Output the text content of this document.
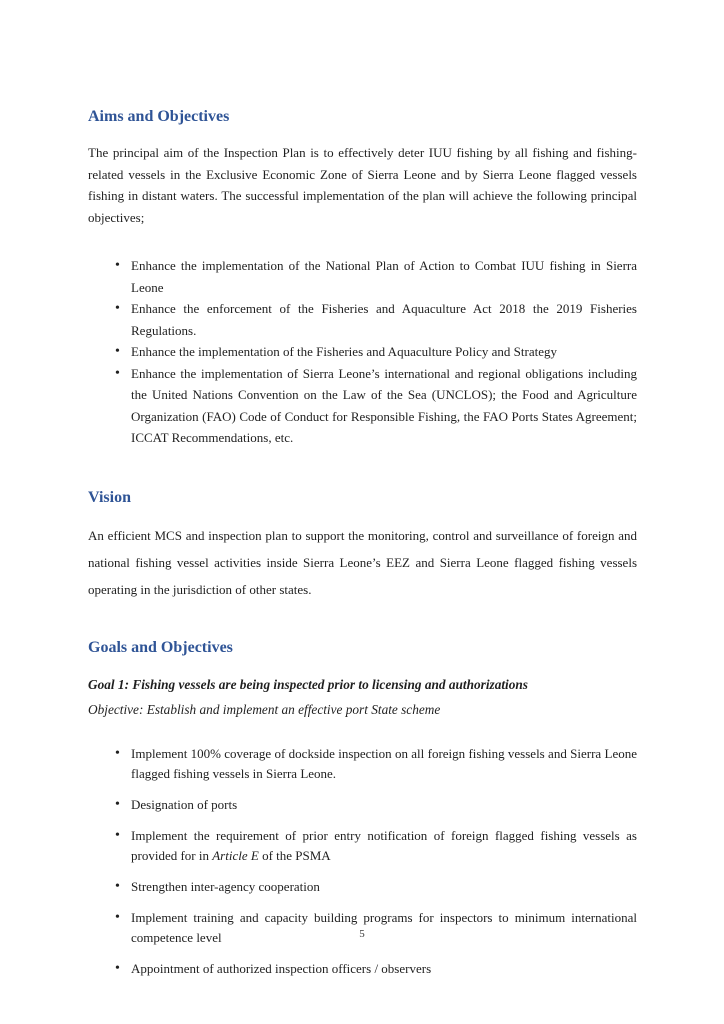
Aims and Objectives

The principal aim of the Inspection Plan is to effectively deter IUU fishing by all fishing and fishing-related vessels in the Exclusive Economic Zone of Sierra Leone and by Sierra Leone flagged vessels fishing in distant waters. The successful implementation of the plan will achieve the following principal objectives;

• Enhance the implementation of the National Plan of Action to Combat IUU fishing in Sierra Leone
• Enhance the enforcement of the Fisheries and Aquaculture Act 2018 the 2019 Fisheries Regulations.
• Enhance the implementation of the Fisheries and Aquaculture Policy and Strategy
• Enhance the implementation of Sierra Leone’s international and regional obligations including the United Nations Convention on the Law of the Sea (UNCLOS); the Food and Agriculture Organization (FAO) Code of Conduct for Responsible Fishing, the FAO Ports States Agreement; ICCAT Recommendations, etc.
Vision

An efficient MCS and inspection plan to support the monitoring, control and surveillance of foreign and national fishing vessel activities inside Sierra Leone’s EEZ and Sierra Leone flagged fishing vessels operating in the jurisdiction of other states.

Goals and Objectives

Goal 1: Fishing vessels are being inspected prior to licensing and authorizations

Objective: Establish and implement an effective port State scheme

• Implement 100% coverage of dockside inspection on all foreign fishing vessels and Sierra Leone flagged fishing vessels in Sierra Leone.
• Designation of ports
• Implement the requirement of prior entry notification of foreign flagged fishing vessels as provided for in Article E of the PSMA
• Strengthen inter-agency cooperation
• Implement training and capacity building programs for inspectors to minimum international competence level
• Appointment of authorized inspection officers / observers
5
